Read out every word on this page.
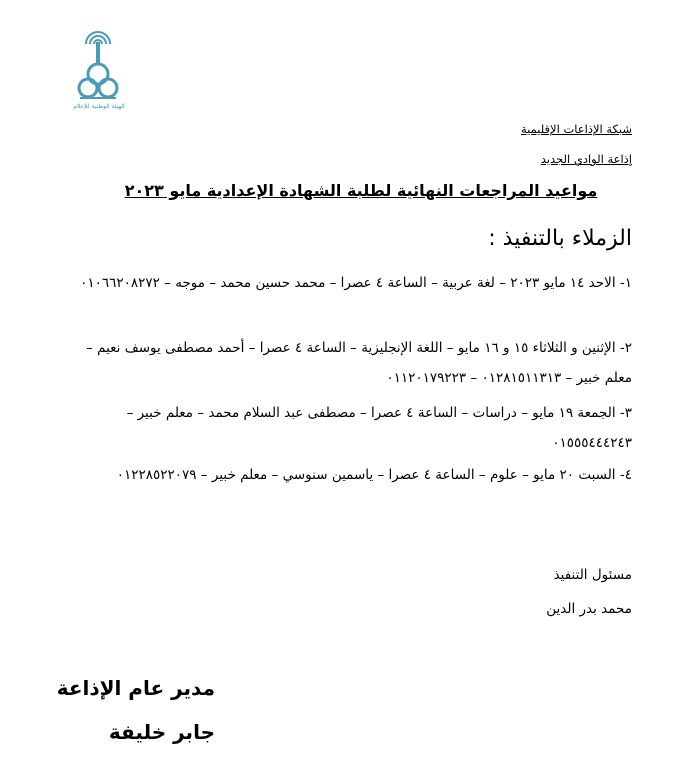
الهيئة الوطنية للإعلام
شبكة الإذاعات الإقليمية
إذاعة الوادي الجديد
مواعيد المراجعات النهائية لطلبة الشهادة الإعدادية مايو ٢٠٢٣
الزملاء بالتنفيذ :
١- الاحد ١٤ مايو ٢٠٢٣ – لغة عربية – الساعة ٤ عصرا – محمد حسين محمد – موجه – ٠١٠٦٦٢٠٨٢٧٢
٢- الإثنين و الثلاثاء ١٥ و ١٦ مايو – اللغة الإنجليزية – الساعة ٤ عصرا – أحمد مصطفى يوسف نعيم – معلم خبير – ٠١٢٨١٥١١٣١٣ – ٠١١٢٠١٧٩٢٢٣
٣- الجمعة ١٩ مايو – دراسات – الساعة ٤ عصرا – مصطفى عبد السلام محمد – معلم خبير – ٠١٥٥٥٤٤٤٢٤٣
٤- السبت ٢٠ مايو – علوم – الساعة ٤ عصرا – ياسمين سنوسي – معلم خبير – ٠١٢٢٨٥٢٢٠٧٩
مسئول التنفيذ
محمد بدر الدين
مدير عام الإذاعة
جابر خليفة
